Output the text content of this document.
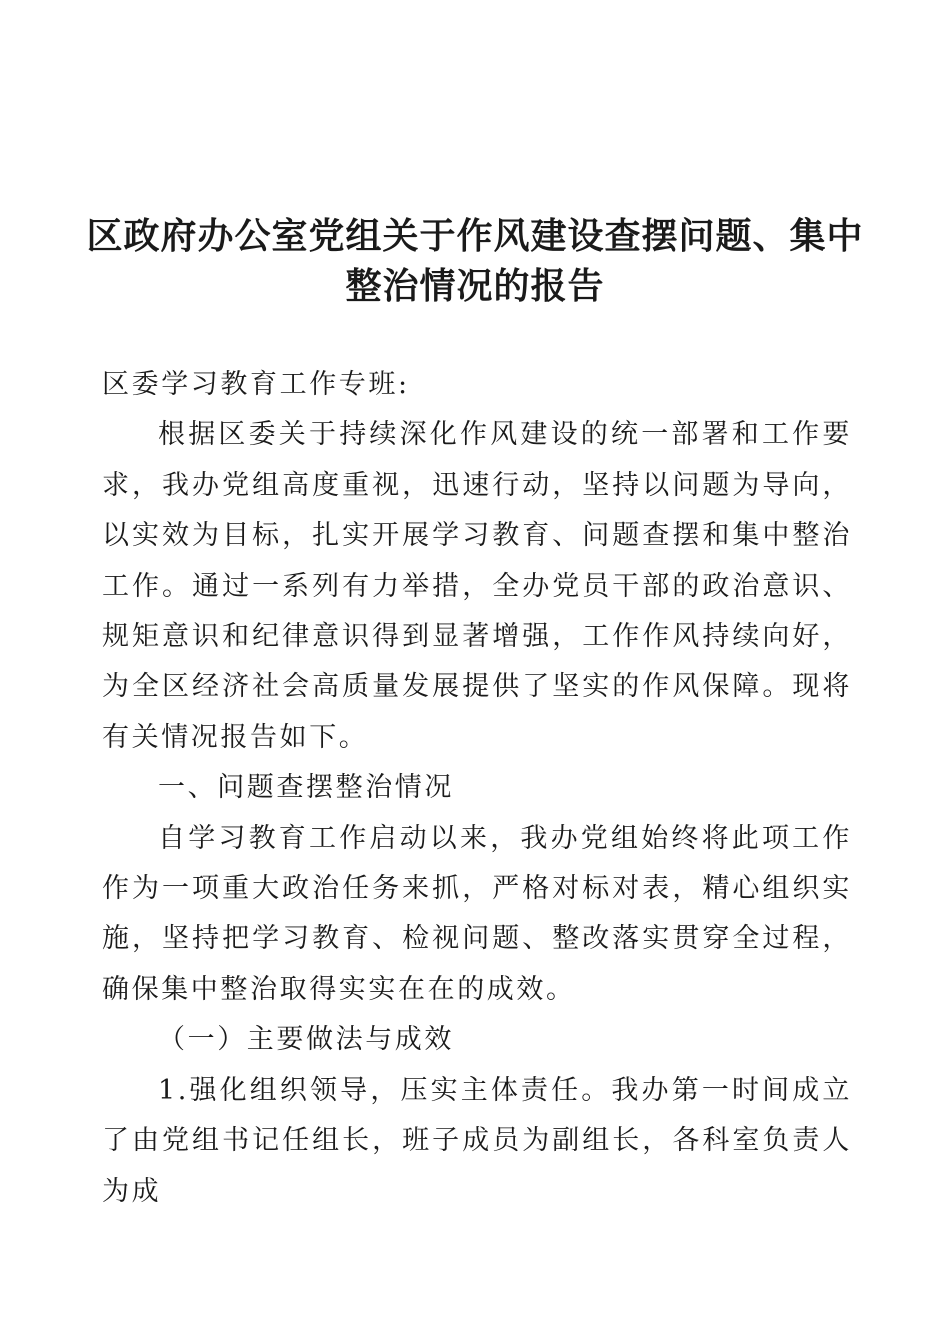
区政府办公室党组关于作风建设查摆问题、集中
整治情况的报告

区委学习教育工作专班:

根据区委关于持续深化作风建设的统一部署和工作要求，我办党组高度重视，迅速行动，坚持以问题为导向，以实效为目标，扎实开展学习教育、问题查摆和集中整治工作。通过一系列有力举措，全办党员干部的政治意识、规矩意识和纪律意识得到显著增强，工作作风持续向好，为全区经济社会高质量发展提供了坚实的作风保障。现将有关情况报告如下。

一、问题查摆整治情况

自学习教育工作启动以来，我办党组始终将此项工作作为一项重大政治任务来抓，严格对标对表，精心组织实施，坚持把学习教育、检视问题、整改落实贯穿全过程，确保集中整治取得实实在在的成效。

（一）主要做法与成效

1.强化组织领导，压实主体责任。我办第一时间成立了由党组书记任组长，班子成员为副组长，各科室负责人为成
